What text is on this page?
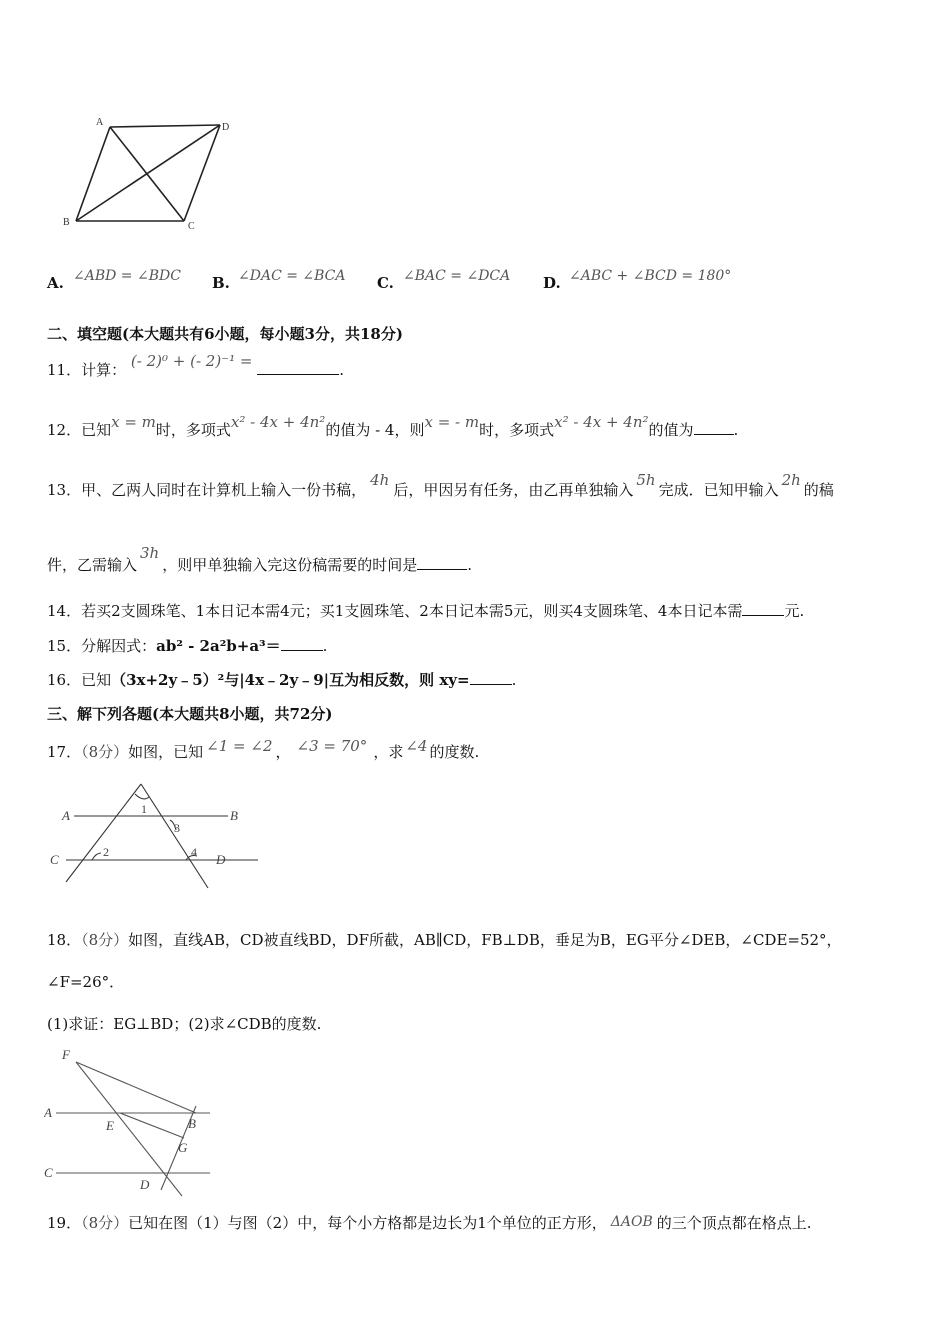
A	D
B	C
A. ∠ABD = ∠BDC B. ∠DAC = ∠BCA C. ∠BAC = ∠DCA D. ∠ABC + ∠BCD = 180°
二、填空题(本大题共有6小题，每小题3分，共18分)
11．计算： (- 2)⁰ + (- 2)⁻¹ =	.
12．已知x = m时，多项式x² - 4x + 4n²的值为 - 4，则x = - m时，多项式x² - 4x + 4n²的值为	.
13．甲、乙两人同时在计算机上输入一份书稿，4h后，甲因另有任务，由乙再单独输入5h完成．已知甲输入2h的稿
件，乙需输入3h，则甲单独输入完这份稿需要的时间是	.
14．若买2支圆珠笔、1本日记本需4元；买1支圆珠笔、2本日记本需5元，则买4支圆珠笔、4本日记本需	元.
15．分解因式：ab² - 2a²b+a³＝	.
16．已知（3x+2y﹣5）²与|4x﹣2y﹣9|互为相反数，则 xy=	.
三、解下列各题(本大题共8小题，共72分)
17．（8分）如图，已知 ∠1 = ∠2 ， ∠3 = 70° ，求 ∠4 的度数.
A	B
C	D
1
2
3
4
18．（8分）如图，直线AB，CD被直线BD，DF所截，AB∥CD，FB⊥DB，垂足为B，EG平分∠DEB，∠CDE=52°，
∠F=26°．
(1)求证：EG⊥BD；(2)求∠CDB的度数.
F
A
E	B
G
C
D
19．（8分）已知在图（1）与图（2）中，每个小方格都是边长为1个单位的正方形， ΔAOB 的三个顶点都在格点上.
